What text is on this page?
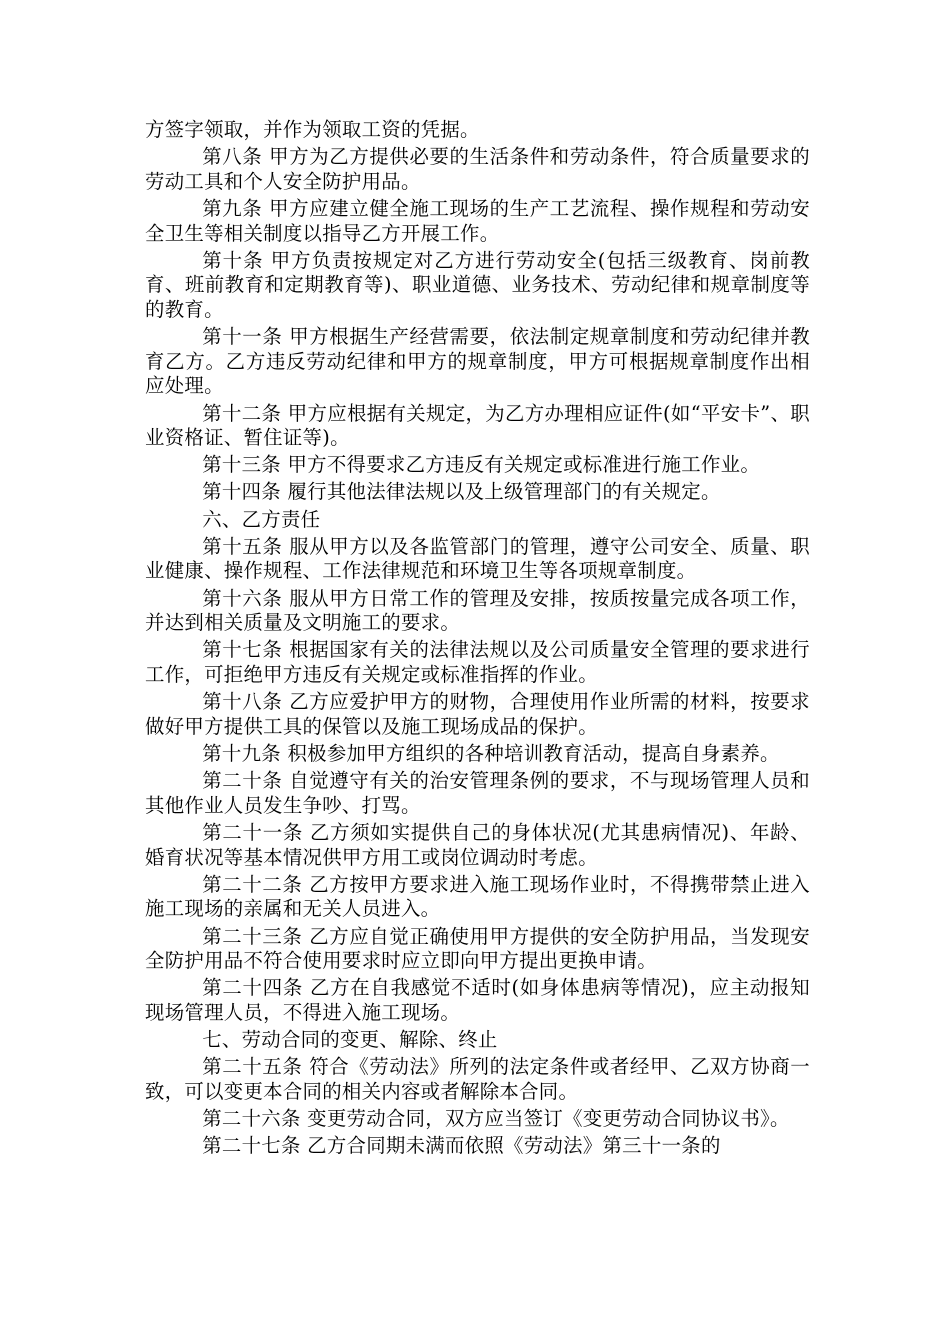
方签字领取，并作为领取工资的凭据。

第八条 甲方为乙方提供必要的生活条件和劳动条件，符合质量要求的劳动工具和个人安全防护用品。

第九条 甲方应建立健全施工现场的生产工艺流程、操作规程和劳动安全卫生等相关制度以指导乙方开展工作。

第十条 甲方负责按规定对乙方进行劳动安全(包括三级教育、岗前教育、班前教育和定期教育等)、职业道德、业务技术、劳动纪律和规章制度等的教育。

第十一条 甲方根据生产经营需要，依法制定规章制度和劳动纪律并教育乙方。乙方违反劳动纪律和甲方的规章制度，甲方可根据规章制度作出相应处理。

第十二条 甲方应根据有关规定，为乙方办理相应证件(如“平安卡”、职业资格证、暂住证等)。

第十三条 甲方不得要求乙方违反有关规定或标准进行施工作业。

第十四条 履行其他法律法规以及上级管理部门的有关规定。

六、乙方责任

第十五条 服从甲方以及各监管部门的管理，遵守公司安全、质量、职业健康、操作规程、工作法律规范和环境卫生等各项规章制度。

第十六条 服从甲方日常工作的管理及安排，按质按量完成各项工作，并达到相关质量及文明施工的要求。

第十七条 根据国家有关的法律法规以及公司质量安全管理的要求进行工作，可拒绝甲方违反有关规定或标准指挥的作业。

第十八条 乙方应爱护甲方的财物，合理使用作业所需的材料，按要求做好甲方提供工具的保管以及施工现场成品的保护。

第十九条 积极参加甲方组织的各种培训教育活动，提高自身素养。

第二十条 自觉遵守有关的治安管理条例的要求，不与现场管理人员和其他作业人员发生争吵、打骂。

第二十一条 乙方须如实提供自己的身体状况(尤其患病情况)、年龄、婚育状况等基本情况供甲方用工或岗位调动时考虑。

第二十二条 乙方按甲方要求进入施工现场作业时，不得携带禁止进入施工现场的亲属和无关人员进入。

第二十三条 乙方应自觉正确使用甲方提供的安全防护用品，当发现安全防护用品不符合使用要求时应立即向甲方提出更换申请。

第二十四条 乙方在自我感觉不适时(如身体患病等情况)，应主动报知现场管理人员，不得进入施工现场。

七、劳动合同的变更、解除、终止

第二十五条 符合《劳动法》所列的法定条件或者经甲、乙双方协商一致，可以变更本合同的相关内容或者解除本合同。

第二十六条 变更劳动合同，双方应当签订《变更劳动合同协议书》。

第二十七条 乙方合同期未满而依照《劳动法》第三十一条的
